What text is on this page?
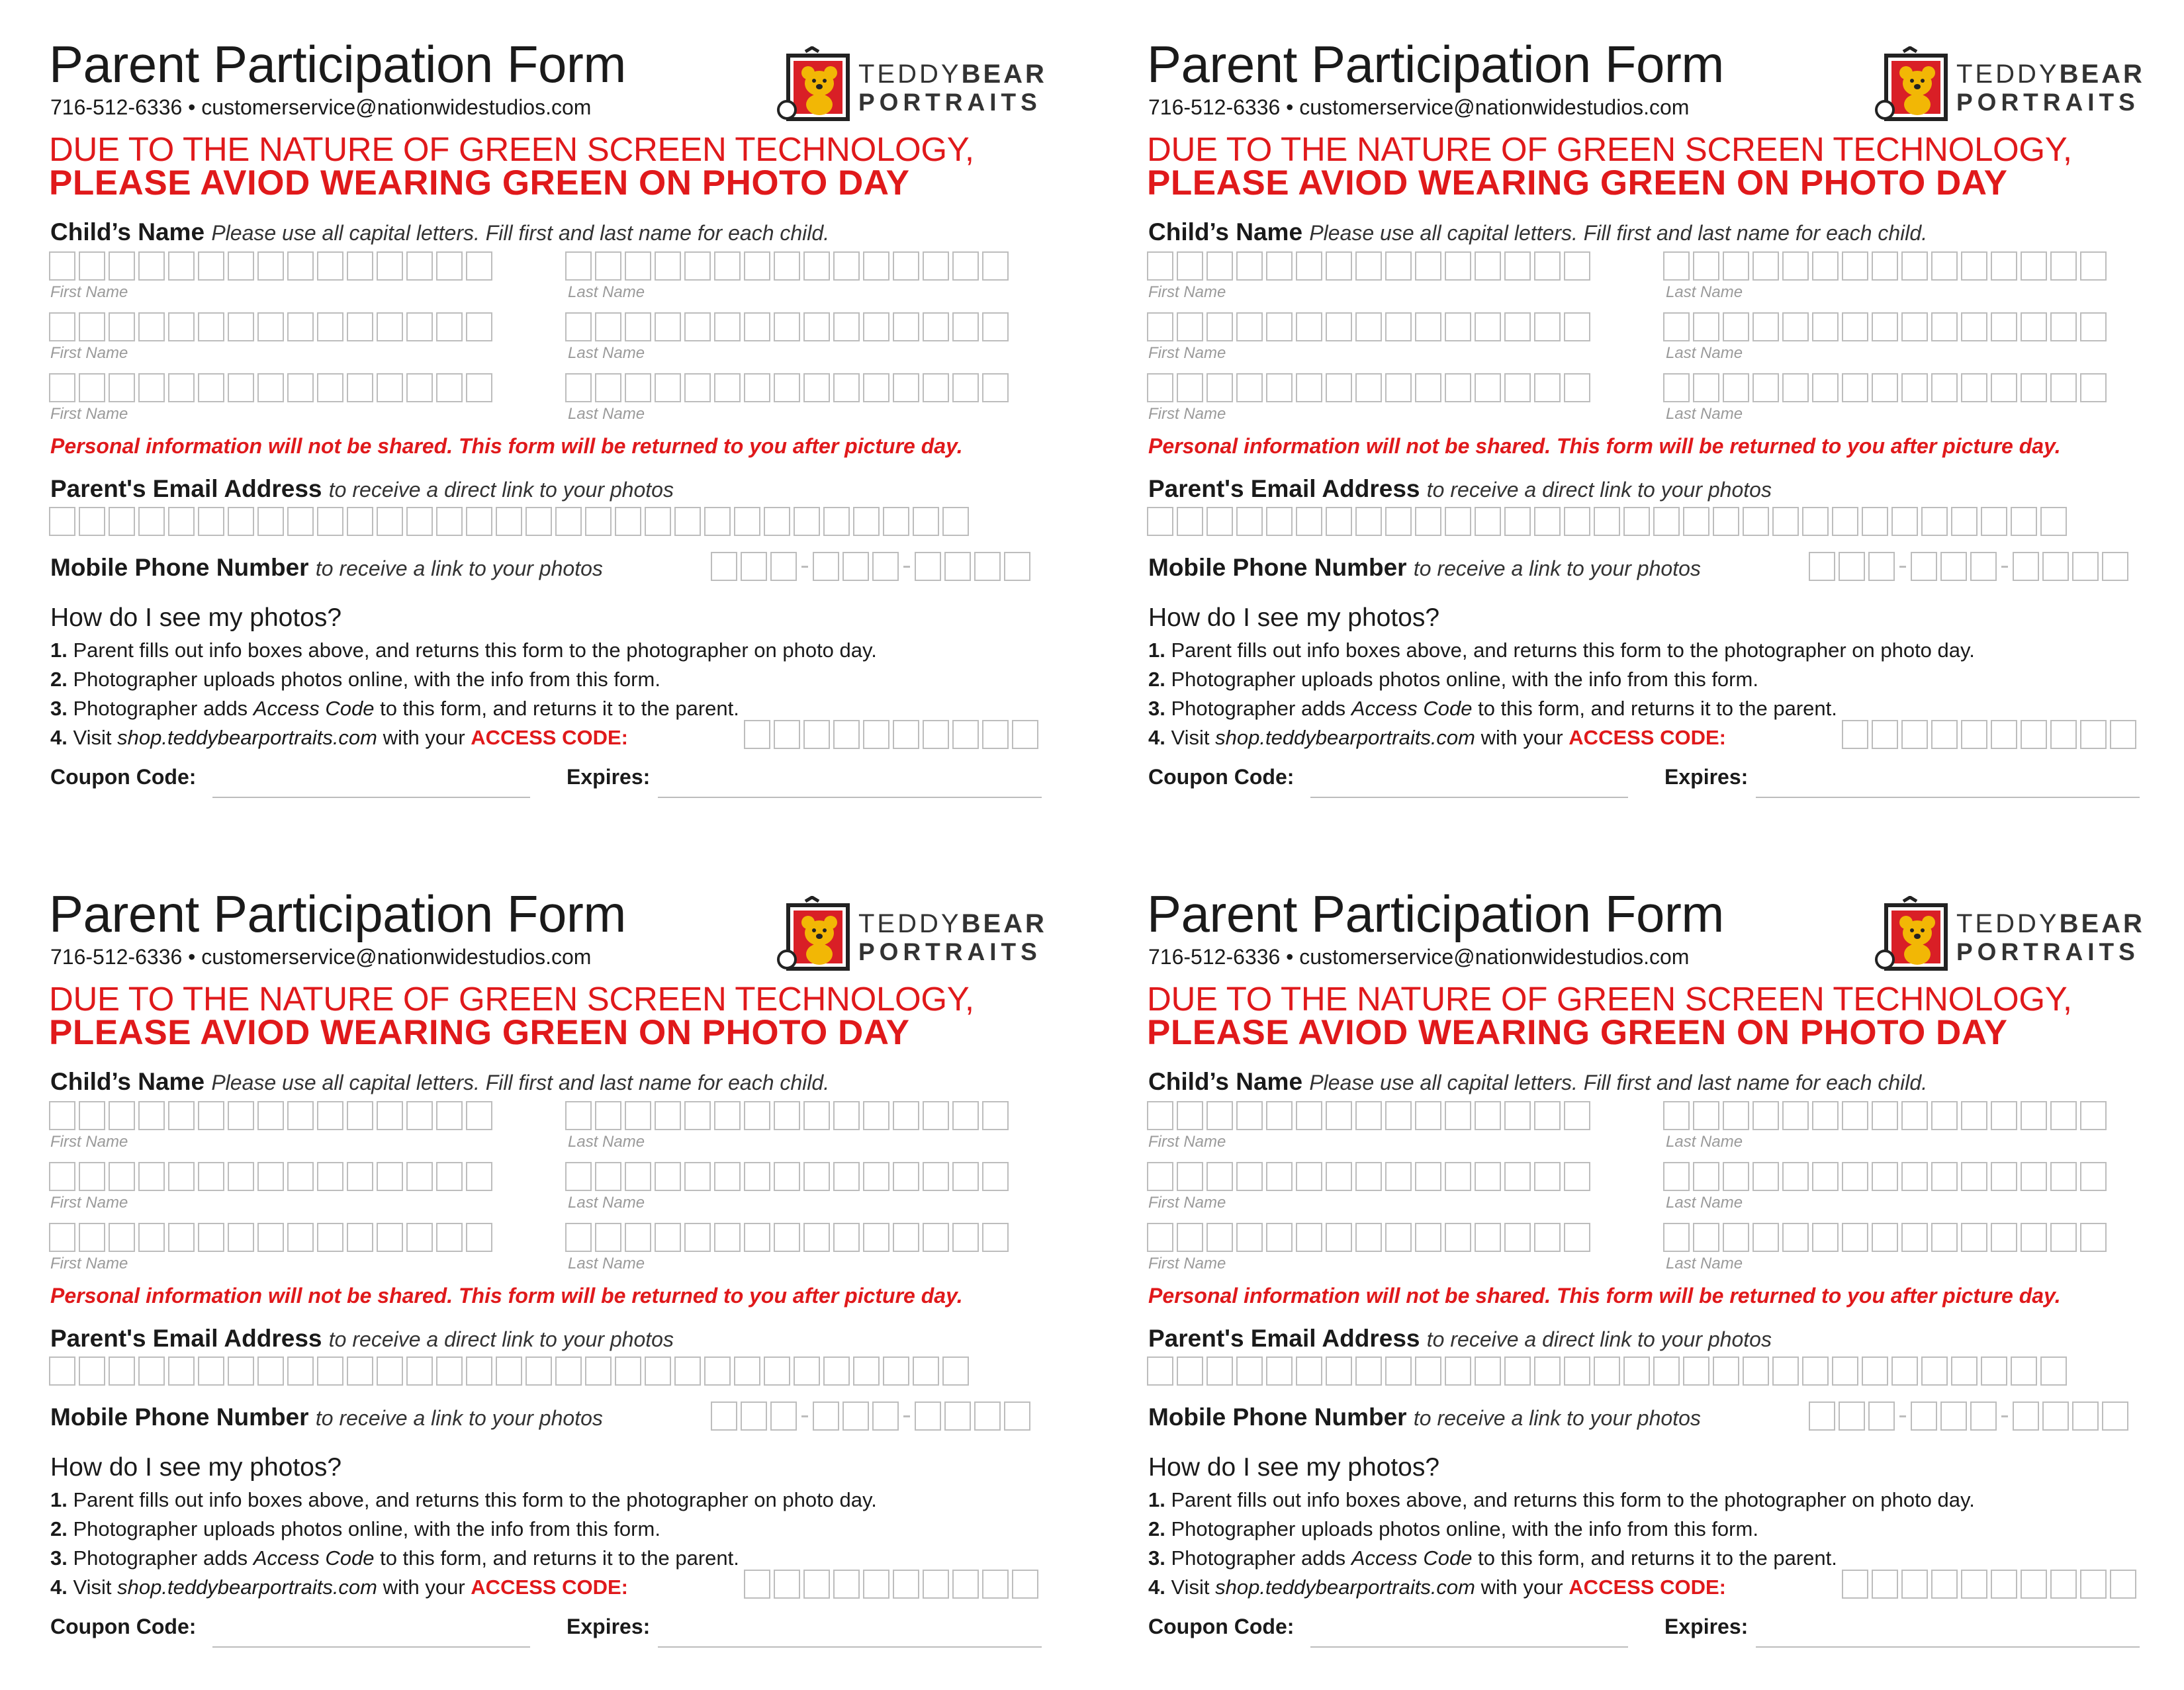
Parent Participation Form
716-512-6336 • customerservice@nationwidestudios.com
TEDDYBEAR
PORTRAITS
DUE TO THE NATURE OF GREEN SCREEN TECHNOLOGY,
PLEASE AVIOD WEARING GREEN ON PHOTO DAY
Child’s Name Please use all capital letters. Fill first and last name for each child.
First Name	Last Name
First Name	Last Name
First Name	Last Name
Personal information will not be shared. This form will be returned to you after picture day.
Parent's Email Address to receive a direct link to your photos
Mobile Phone Number to receive a link to your photos
How do I see my photos?
1. Parent fills out info boxes above, and returns this form to the photographer on photo day.
2. Photographer uploads photos online, with the info from this form.
3. Photographer adds Access Code to this form, and returns it to the parent.
4. Visit shop.teddybearportraits.com with your ACCESS CODE:
Coupon Code:	Expires:
Parent Participation Form
716-512-6336 • customerservice@nationwidestudios.com
TEDDYBEAR
PORTRAITS
DUE TO THE NATURE OF GREEN SCREEN TECHNOLOGY,
PLEASE AVIOD WEARING GREEN ON PHOTO DAY
Child’s Name Please use all capital letters. Fill first and last name for each child.
First Name	Last Name
First Name	Last Name
First Name	Last Name
Personal information will not be shared. This form will be returned to you after picture day.
Parent's Email Address to receive a direct link to your photos
Mobile Phone Number to receive a link to your photos
How do I see my photos?
1. Parent fills out info boxes above, and returns this form to the photographer on photo day.
2. Photographer uploads photos online, with the info from this form.
3. Photographer adds Access Code to this form, and returns it to the parent.
4. Visit shop.teddybearportraits.com with your ACCESS CODE:
Coupon Code:	Expires:
Parent Participation Form
716-512-6336 • customerservice@nationwidestudios.com
TEDDYBEAR
PORTRAITS
DUE TO THE NATURE OF GREEN SCREEN TECHNOLOGY,
PLEASE AVIOD WEARING GREEN ON PHOTO DAY
Child’s Name Please use all capital letters. Fill first and last name for each child.
First Name	Last Name
First Name	Last Name
First Name	Last Name
Personal information will not be shared. This form will be returned to you after picture day.
Parent's Email Address to receive a direct link to your photos
Mobile Phone Number to receive a link to your photos
How do I see my photos?
1. Parent fills out info boxes above, and returns this form to the photographer on photo day.
2. Photographer uploads photos online, with the info from this form.
3. Photographer adds Access Code to this form, and returns it to the parent.
4. Visit shop.teddybearportraits.com with your ACCESS CODE:
Coupon Code:	Expires:
Parent Participation Form
716-512-6336 • customerservice@nationwidestudios.com
TEDDYBEAR
PORTRAITS
DUE TO THE NATURE OF GREEN SCREEN TECHNOLOGY,
PLEASE AVIOD WEARING GREEN ON PHOTO DAY
Child’s Name Please use all capital letters. Fill first and last name for each child.
First Name	Last Name
First Name	Last Name
First Name	Last Name
Personal information will not be shared. This form will be returned to you after picture day.
Parent's Email Address to receive a direct link to your photos
Mobile Phone Number to receive a link to your photos
How do I see my photos?
1. Parent fills out info boxes above, and returns this form to the photographer on photo day.
2. Photographer uploads photos online, with the info from this form.
3. Photographer adds Access Code to this form, and returns it to the parent.
4. Visit shop.teddybearportraits.com with your ACCESS CODE:
Coupon Code:	Expires:
